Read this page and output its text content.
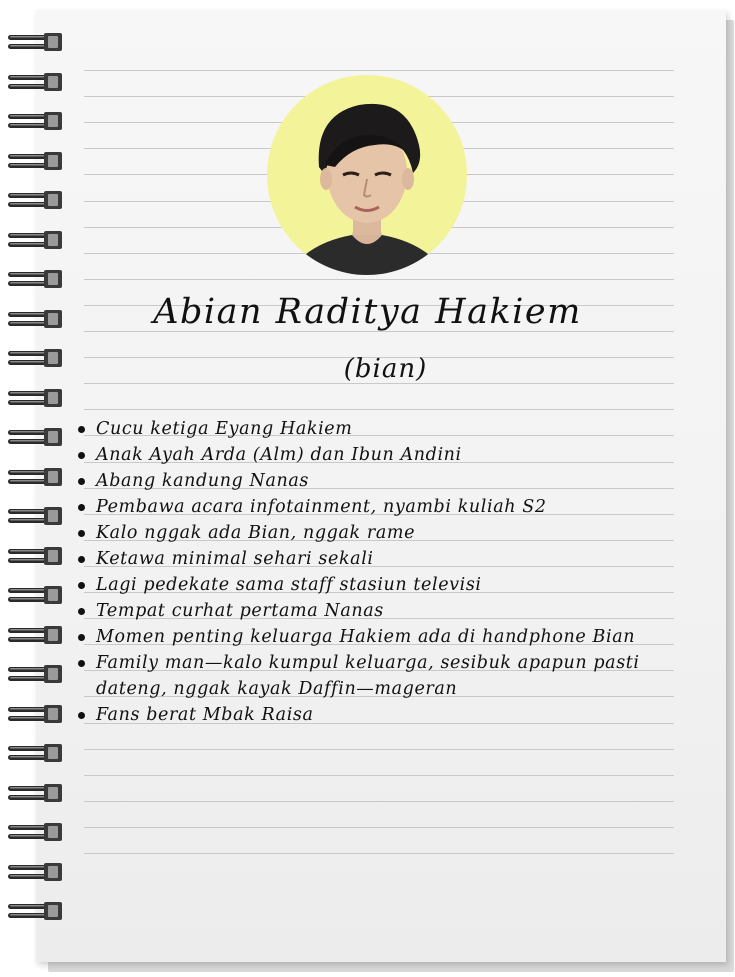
Abian Raditya Hakiem
(bian)
Cucu ketiga Eyang Hakiem
Anak Ayah Arda (Alm) dan Ibun Andini
Abang kandung Nanas
Pembawa acara infotainment, nyambi kuliah S2
Kalo nggak ada Bian, nggak rame
Ketawa minimal sehari sekali
Lagi pedekate sama staff stasiun televisi
Tempat curhat pertama Nanas
Momen penting keluarga Hakiem ada di handphone Bian
Family man—kalo kumpul keluarga, sesibuk apapun pasti
dateng, nggak kayak Daffin—mageran
Fans berat Mbak Raisa
